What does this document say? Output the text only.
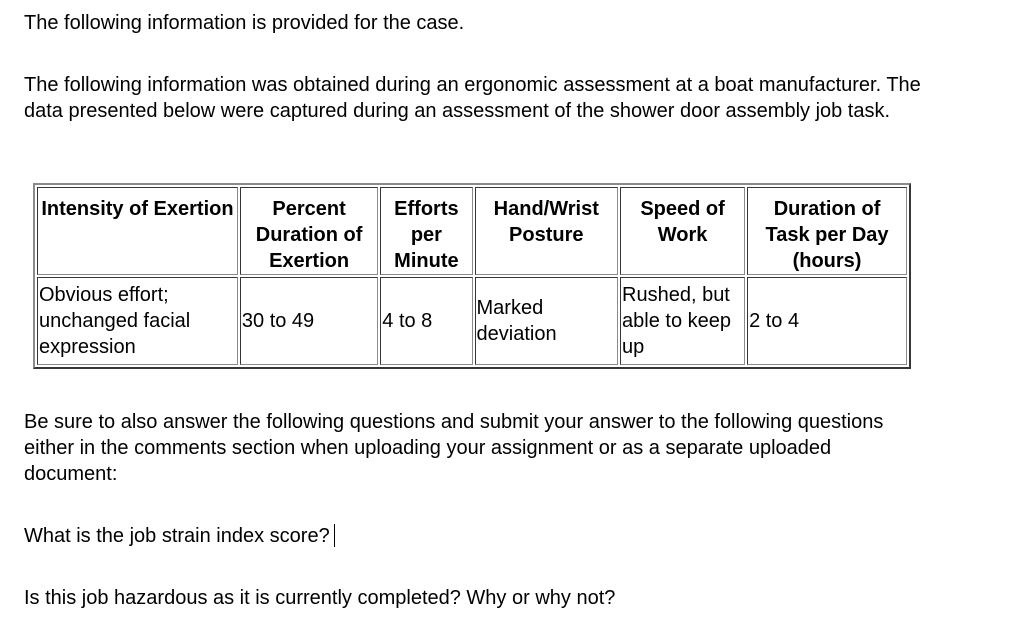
The following information is provided for the case.

The following information was obtained during an ergonomic assessment at a boat manufacturer. The data presented below were captured during an assessment of the shower door assembly job task.

Intensity of Exertion	Percent Duration of Exertion	Efforts per Minute	Hand/Wrist Posture	Speed of Work	Duration of Task per Day (hours)
Obvious effort; unchanged facial expression	30 to 49	4 to 8	Marked deviation	Rushed, but able to keep up	2 to 4

Be sure to also answer the following questions and submit your answer to the following questions either in the comments section when uploading your assignment or as a separate uploaded document:

What is the job strain index score?

Is this job hazardous as it is currently completed? Why or why not?
